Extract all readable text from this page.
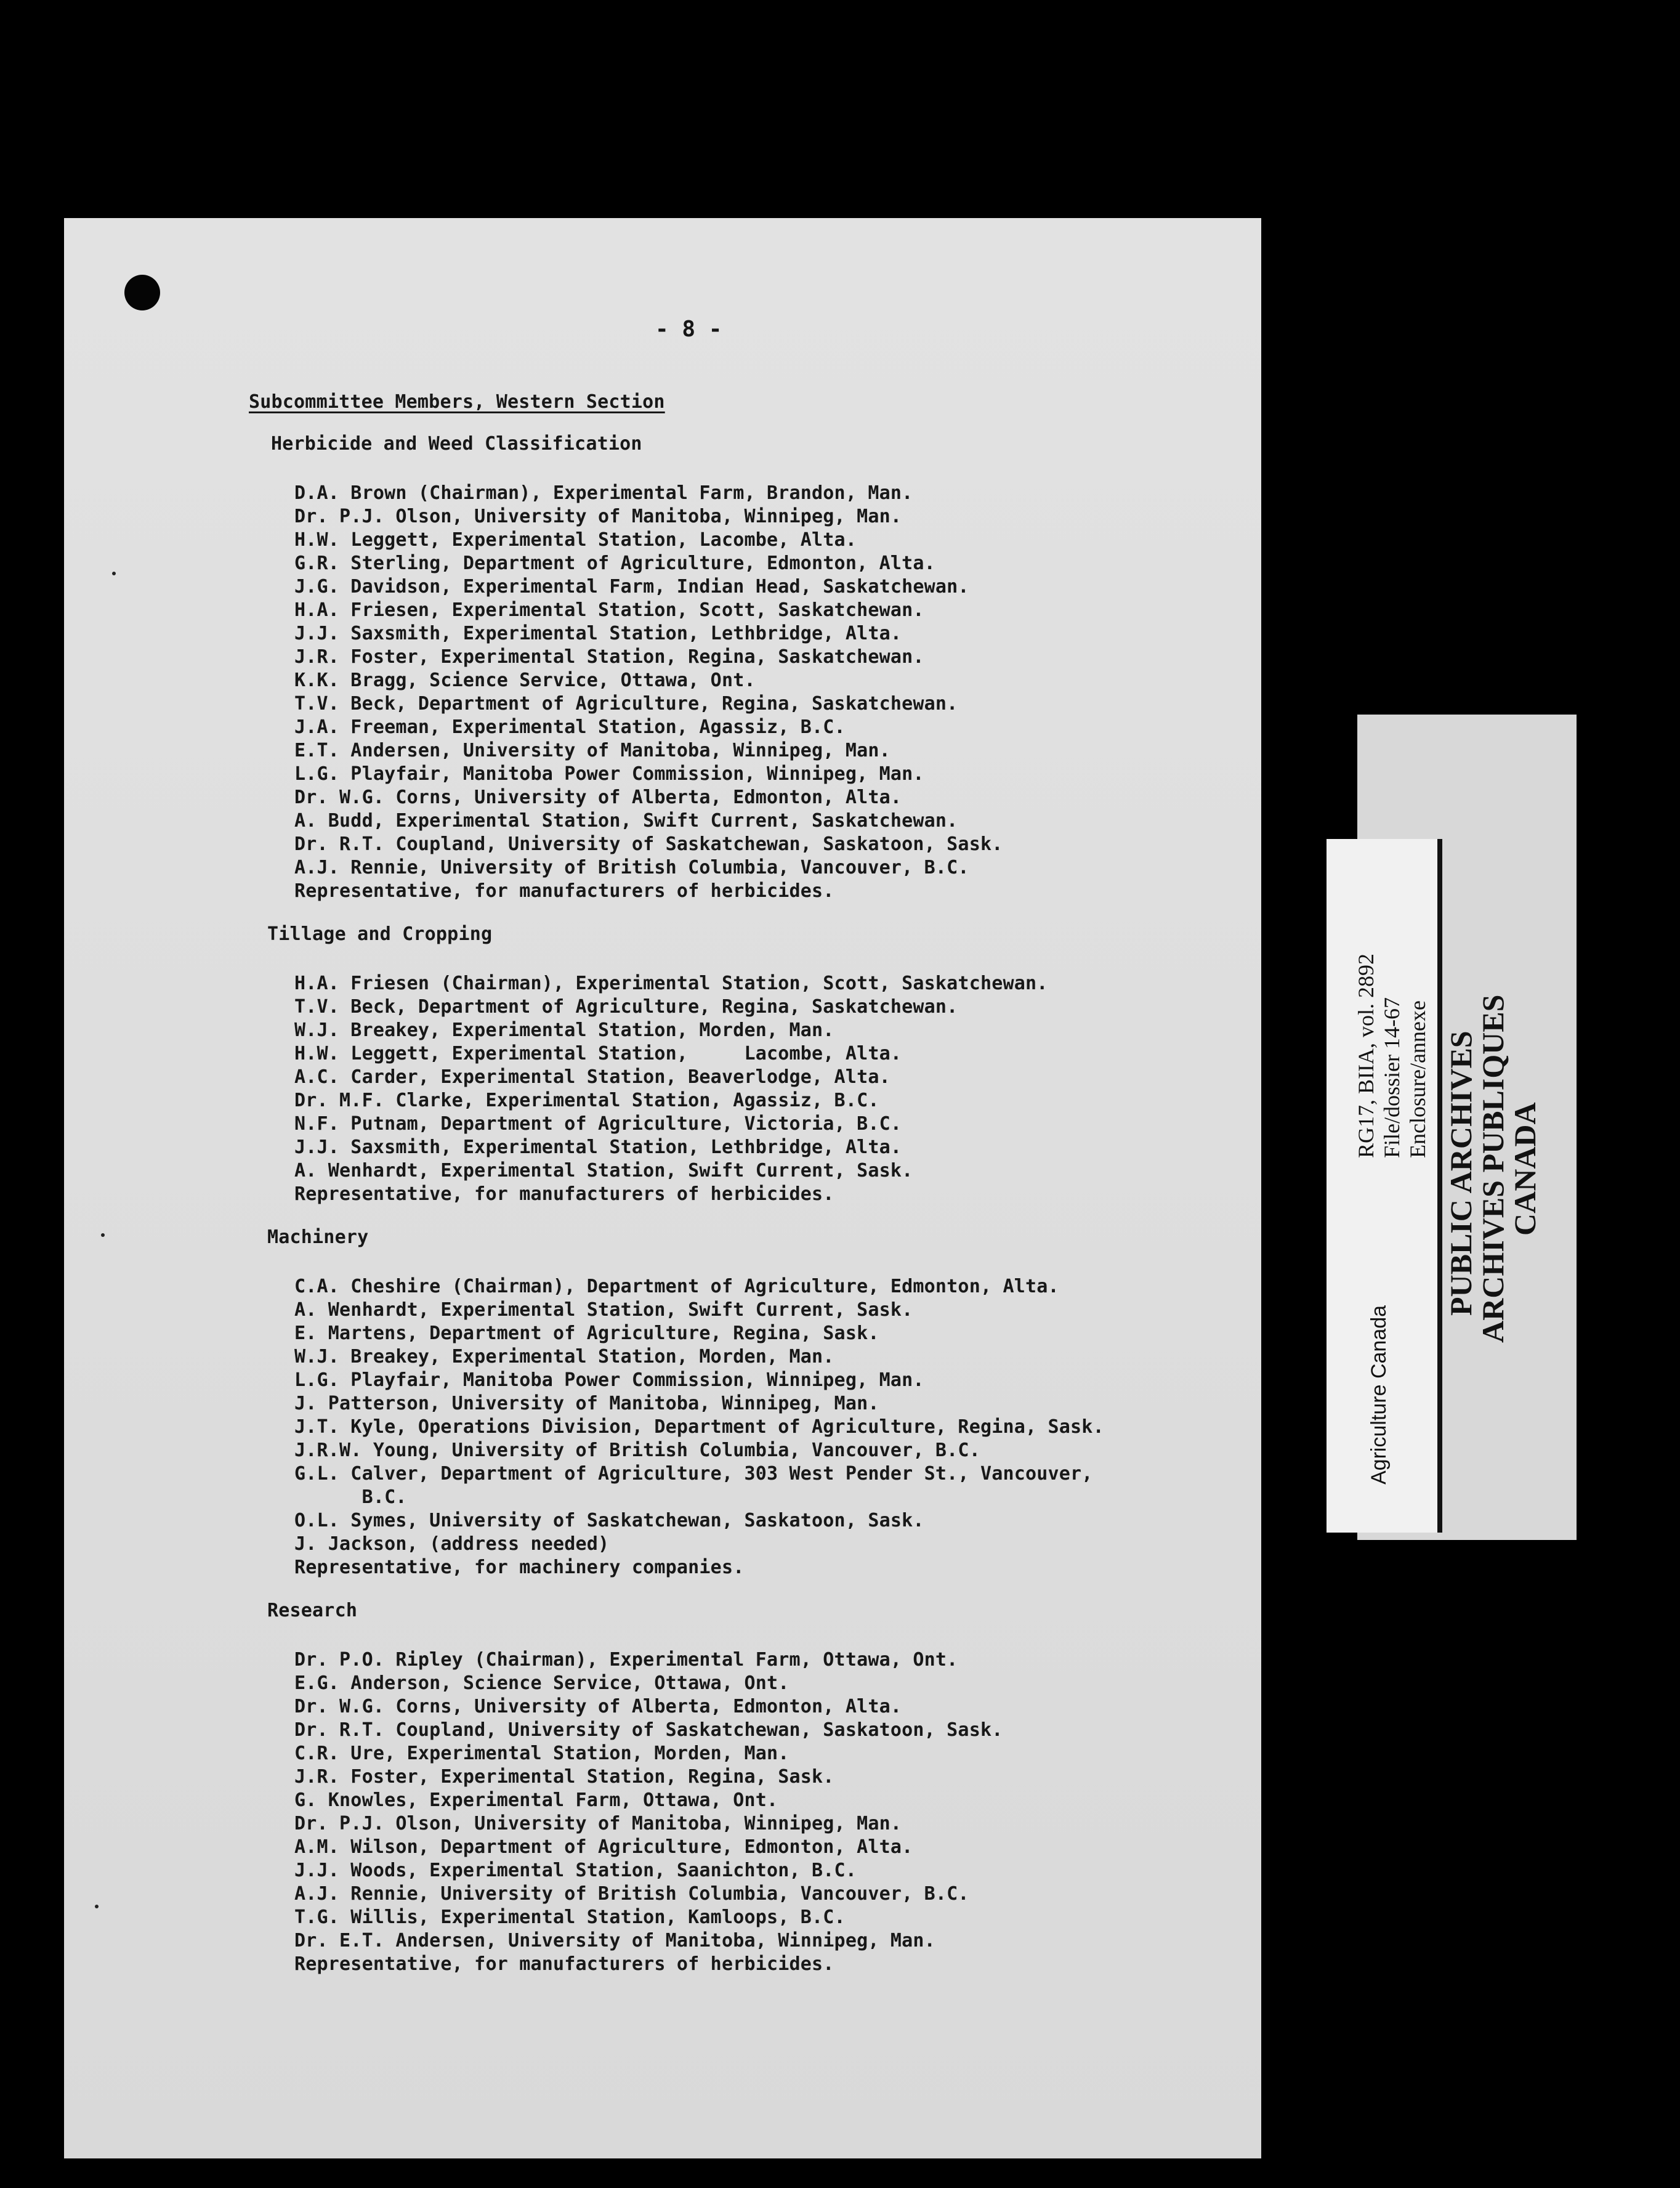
- 8 -
Subcommittee Members, Western Section
Herbicide and Weed Classification
D.A. Brown (Chairman), Experimental Farm, Brandon, Man.
Dr. P.J. Olson, University of Manitoba, Winnipeg, Man.
H.W. Leggett, Experimental Station, Lacombe, Alta.
G.R. Sterling, Department of Agriculture, Edmonton, Alta.
J.G. Davidson, Experimental Farm, Indian Head, Saskatchewan.
H.A. Friesen, Experimental Station, Scott, Saskatchewan.
J.J. Saxsmith, Experimental Station, Lethbridge, Alta.
J.R. Foster, Experimental Station, Regina, Saskatchewan.
K.K. Bragg, Science Service, Ottawa, Ont.
T.V. Beck, Department of Agriculture, Regina, Saskatchewan.
J.A. Freeman, Experimental Station, Agassiz, B.C.
E.T. Andersen, University of Manitoba, Winnipeg, Man.
L.G. Playfair, Manitoba Power Commission, Winnipeg, Man.
Dr. W.G. Corns, University of Alberta, Edmonton, Alta.
A. Budd, Experimental Station, Swift Current, Saskatchewan.
Dr. R.T. Coupland, University of Saskatchewan, Saskatoon, Sask.
A.J. Rennie, University of British Columbia, Vancouver, B.C.
Representative, for manufacturers of herbicides.
Tillage and Cropping
H.A. Friesen (Chairman), Experimental Station, Scott, Saskatchewan.
T.V. Beck, Department of Agriculture, Regina, Saskatchewan.
W.J. Breakey, Experimental Station, Morden, Man.
H.W. Leggett, Experimental Station,     Lacombe, Alta.
A.C. Carder, Experimental Station, Beaverlodge, Alta.
Dr. M.F. Clarke, Experimental Station, Agassiz, B.C.
N.F. Putnam, Department of Agriculture, Victoria, B.C.
J.J. Saxsmith, Experimental Station, Lethbridge, Alta.
A. Wenhardt, Experimental Station, Swift Current, Sask.
Representative, for manufacturers of herbicides.
Machinery
C.A. Cheshire (Chairman), Department of Agriculture, Edmonton, Alta.
A. Wenhardt, Experimental Station, Swift Current, Sask.
E. Martens, Department of Agriculture, Regina, Sask.
W.J. Breakey, Experimental Station, Morden, Man.
L.G. Playfair, Manitoba Power Commission, Winnipeg, Man.
J. Patterson, University of Manitoba, Winnipeg, Man.
J.T. Kyle, Operations Division, Department of Agriculture, Regina, Sask.
J.R.W. Young, University of British Columbia, Vancouver, B.C.
G.L. Calver, Department of Agriculture, 303 West Pender St., Vancouver,
B.C.
O.L. Symes, University of Saskatchewan, Saskatoon, Sask.
J. Jackson, (address needed)
Representative, for machinery companies.
Research
Dr. P.O. Ripley (Chairman), Experimental Farm, Ottawa, Ont.
E.G. Anderson, Science Service, Ottawa, Ont.
Dr. W.G. Corns, University of Alberta, Edmonton, Alta.
Dr. R.T. Coupland, University of Saskatchewan, Saskatoon, Sask.
C.R. Ure, Experimental Station, Morden, Man.
J.R. Foster, Experimental Station, Regina, Sask.
G. Knowles, Experimental Farm, Ottawa, Ont.
Dr. P.J. Olson, University of Manitoba, Winnipeg, Man.
A.M. Wilson, Department of Agriculture, Edmonton, Alta.
J.J. Woods, Experimental Station, Saanichton, B.C.
A.J. Rennie, University of British Columbia, Vancouver, B.C.
T.G. Willis, Experimental Station, Kamloops, B.C.
Dr. E.T. Andersen, University of Manitoba, Winnipeg, Man.
Representative, for manufacturers of herbicides.
Agriculture Canada
RG17, BIIA, vol. 2892 File/dossier 14-67 Enclosure/annexe PUBLIC ARCHIVES
ARCHIVES PUBLIQUES
CANADA
